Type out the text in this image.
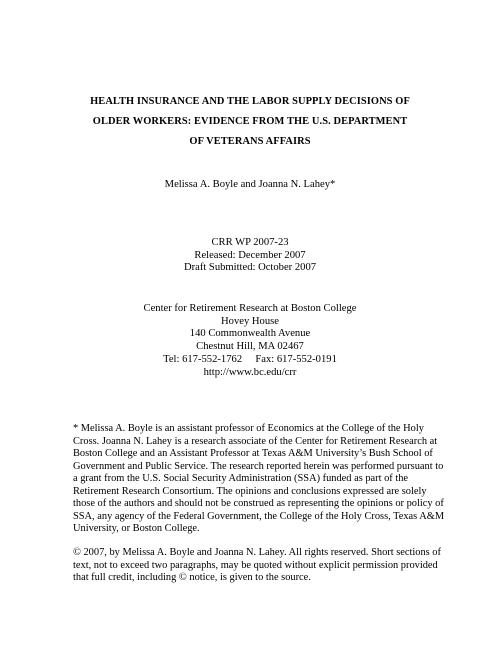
HEALTH INSURANCE AND THE LABOR SUPPLY DECISIONS OF
OLDER WORKERS: EVIDENCE FROM THE U.S. DEPARTMENT
OF VETERANS AFFAIRS
Melissa A. Boyle and Joanna N. Lahey*
CRR WP 2007-23
Released: December 2007
Draft Submitted: October 2007
Center for Retirement Research at Boston College
Hovey House
140 Commonwealth Avenue
Chestnut Hill, MA 02467
Tel: 617-552-1762     Fax: 617-552-0191
http://www.bc.edu/crr
* Melissa A. Boyle is an assistant professor of Economics at the College of the Holy
Cross. Joanna N. Lahey is a research associate of the Center for Retirement Research at
Boston College and an Assistant Professor at Texas A&M University’s Bush School of
Government and Public Service. The research reported herein was performed pursuant to
a grant from the U.S. Social Security Administration (SSA) funded as part of the
Retirement Research Consortium. The opinions and conclusions expressed are solely
those of the authors and should not be construed as representing the opinions or policy of
SSA, any agency of the Federal Government, the College of the Holy Cross, Texas A&M
University, or Boston College.
© 2007, by Melissa A. Boyle and Joanna N. Lahey. All rights reserved. Short sections of
text, not to exceed two paragraphs, may be quoted without explicit permission provided
that full credit, including © notice, is given to the source.
